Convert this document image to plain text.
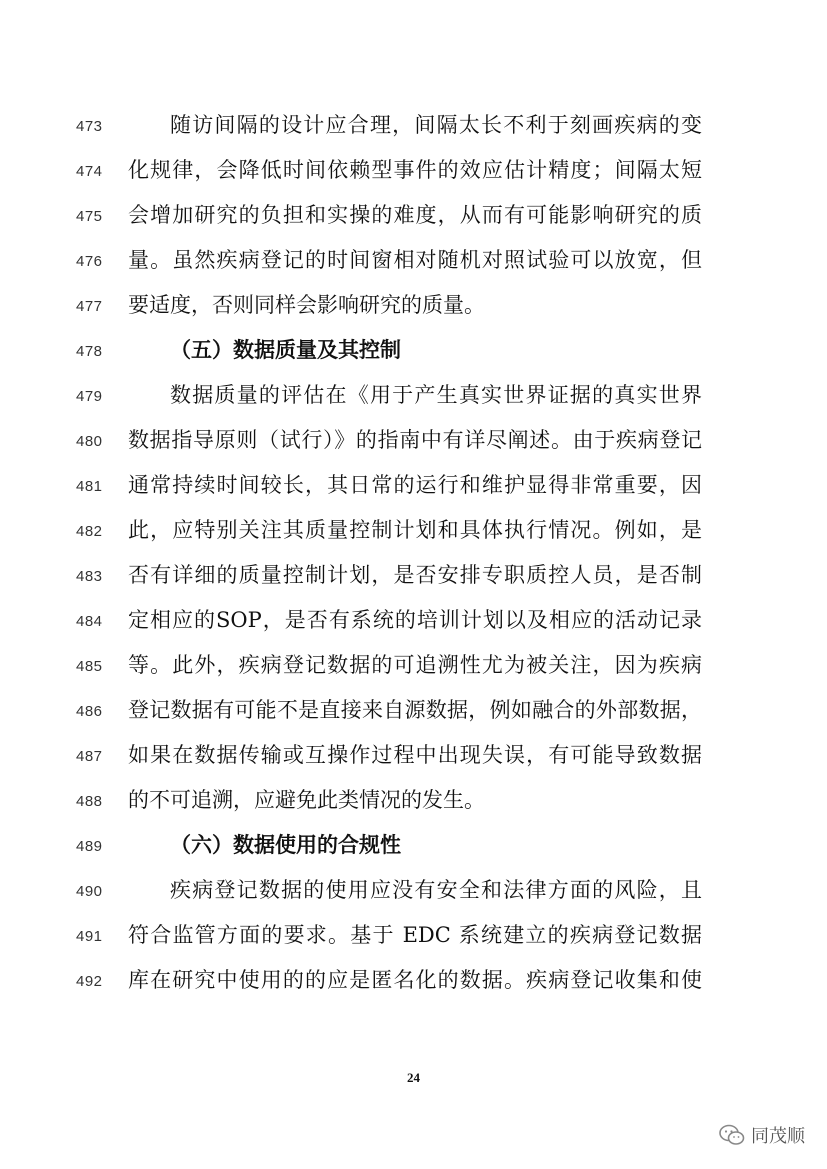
473	随访间隔的设计应合理，间隔太长不利于刻画疾病的变
474	化规律，会降低时间依赖型事件的效应估计精度；间隔太短
475	会增加研究的负担和实操的难度，从而有可能影响研究的质
476	量。虽然疾病登记的时间窗相对随机对照试验可以放宽，但
477	要适度，否则同样会影响研究的质量。
478	（五）数据质量及其控制
479	数据质量的评估在《用于产生真实世界证据的真实世界
480	数据指导原则（试行）》的指南中有详尽阐述。由于疾病登记
481	通常持续时间较长，其日常的运行和维护显得非常重要，因
482	此，应特别关注其质量控制计划和具体执行情况。例如，是
483	否有详细的质量控制计划，是否安排专职质控人员，是否制
484	定相应的SOP，是否有系统的培训计划以及相应的活动记录
485	等。此外，疾病登记数据的可追溯性尤为被关注，因为疾病
486	登记数据有可能不是直接来自源数据，例如融合的外部数据，
487	如果在数据传输或互操作过程中出现失误，有可能导致数据
488	的不可追溯，应避免此类情况的发生。
489	（六）数据使用的合规性
490	疾病登记数据的使用应没有安全和法律方面的风险，且
491	符合监管方面的要求。基于 EDC 系统建立的疾病登记数据
492	库在研究中使用的的应是匿名化的数据。疾病登记收集和使
24
同茂顺
